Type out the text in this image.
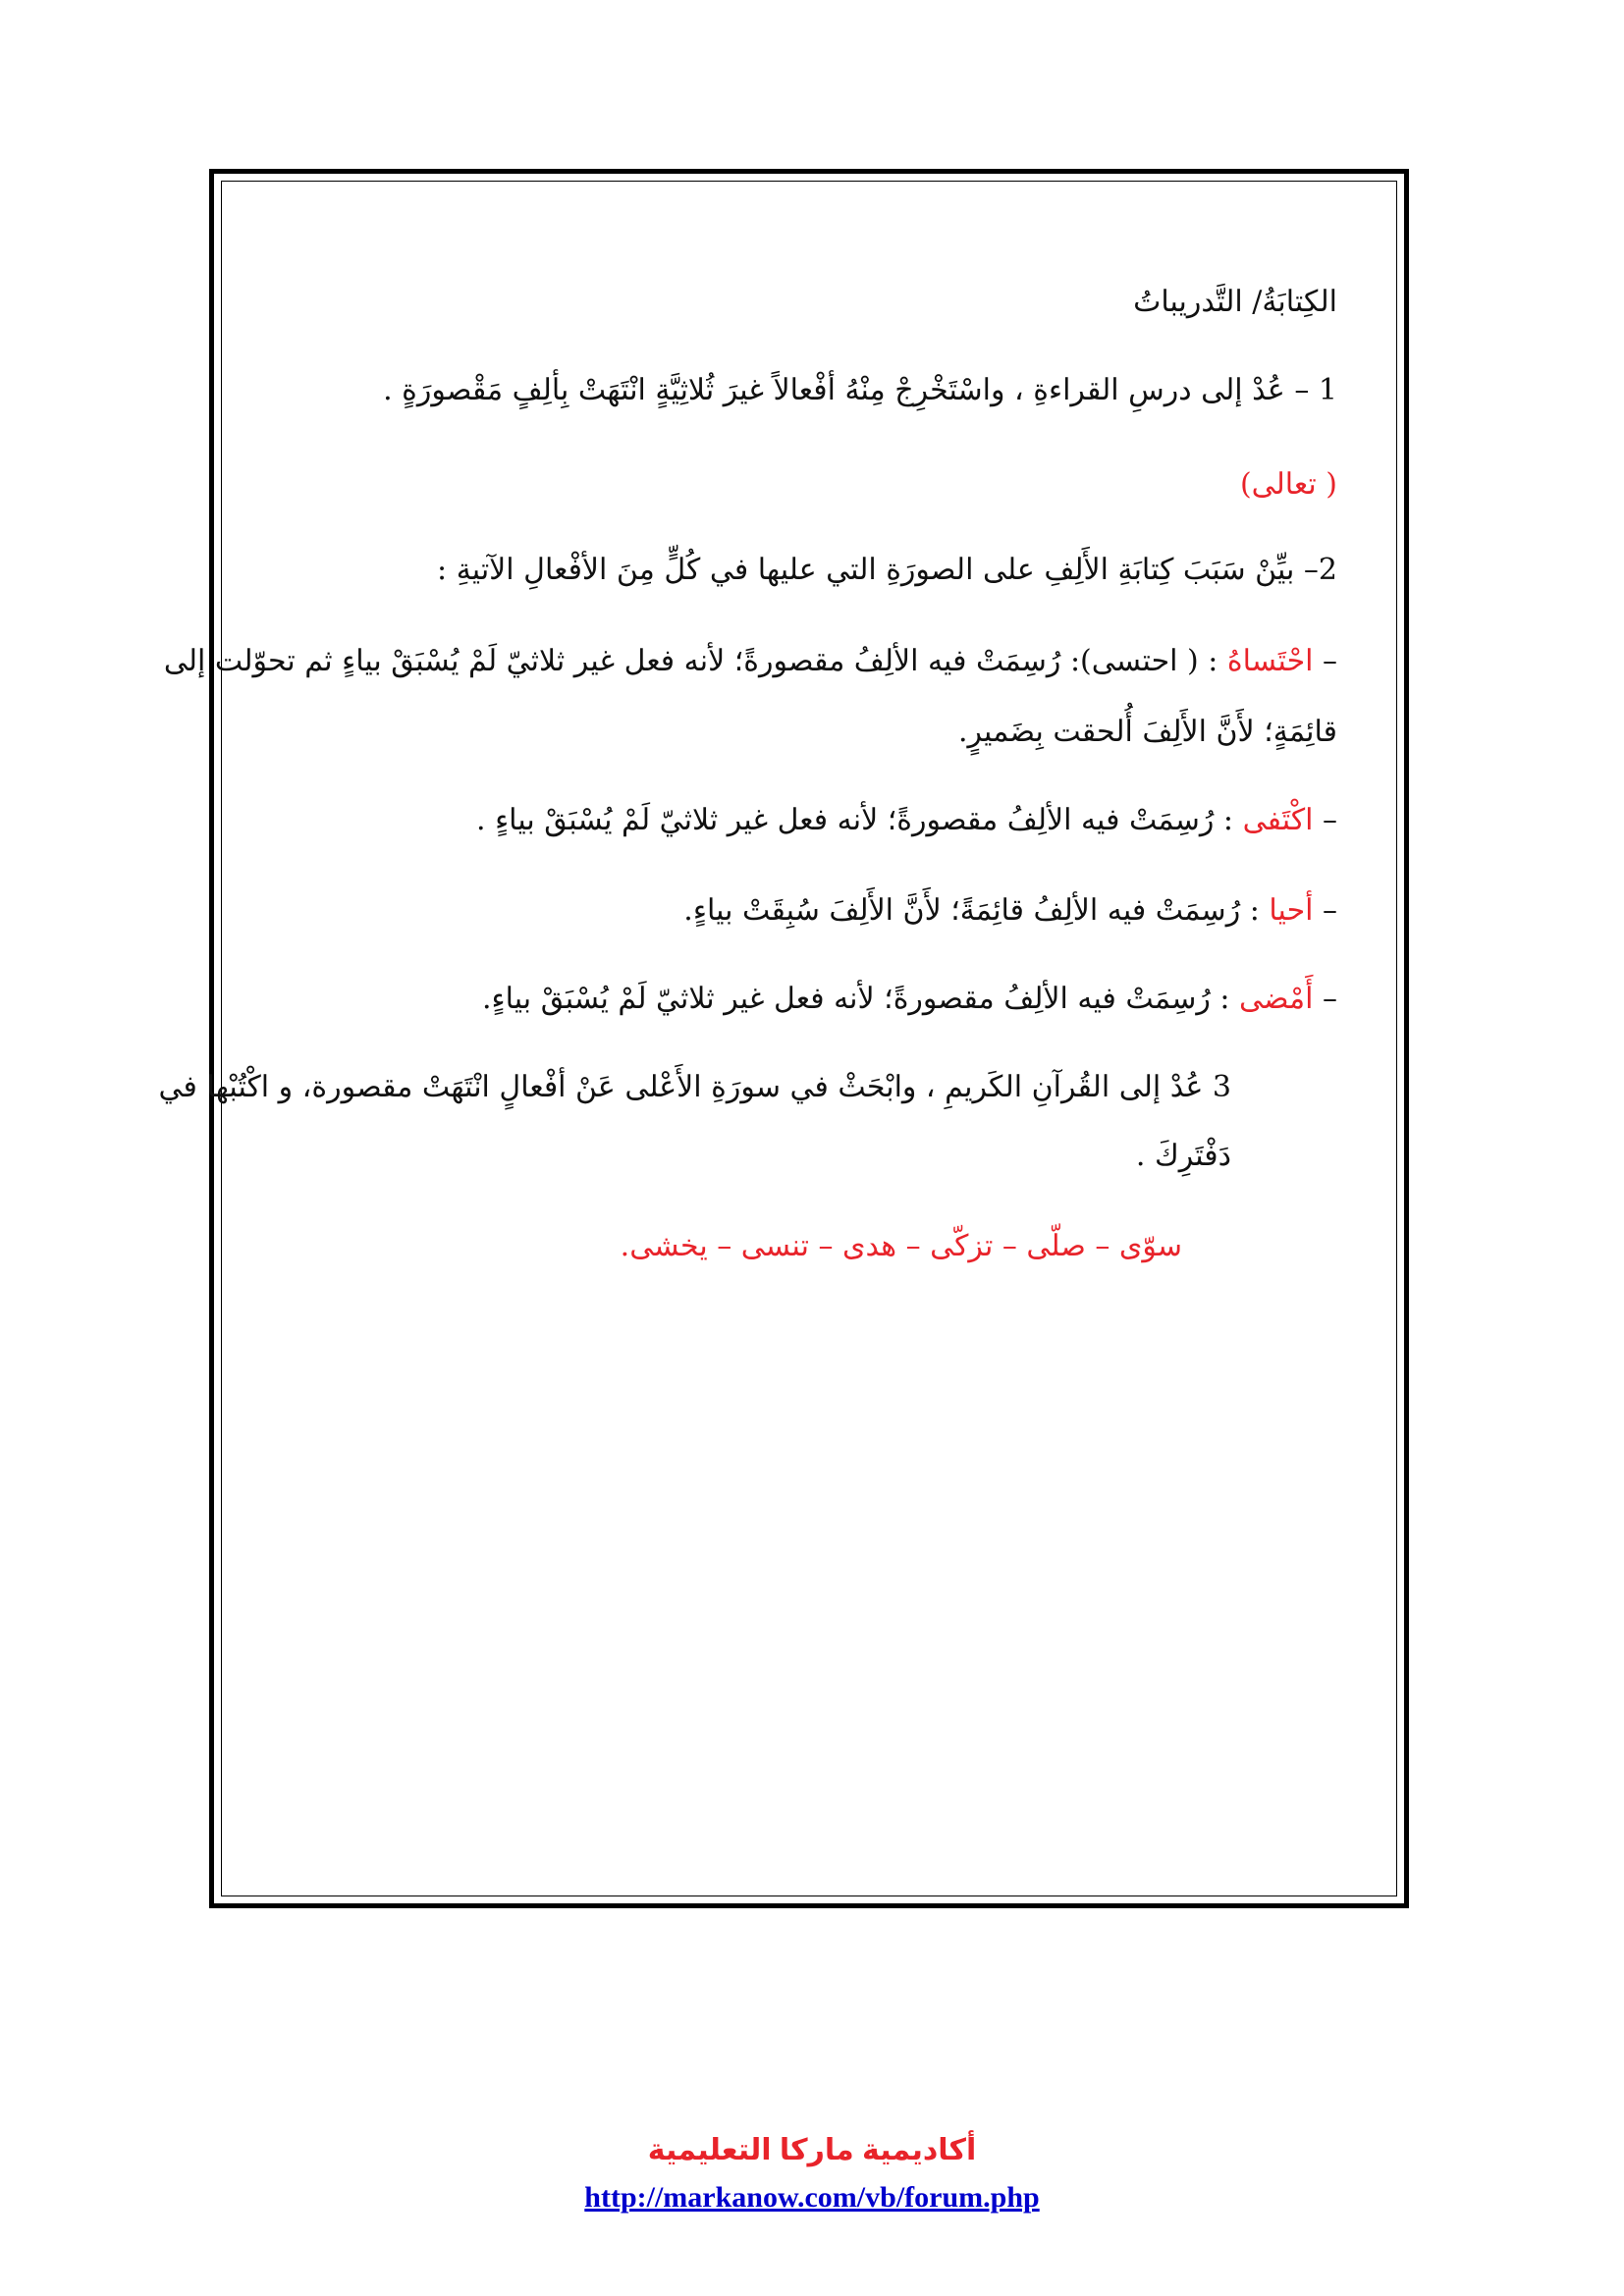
الكِتابَةُ/ التَّدريباتُ
1 – عُدْ إلى درسِ القراءةِ ، واسْتَخْرِجْ مِنْهُ أفْعالاً غيرَ ثُلاثِيَّةٍ انْتَهَتْ بِألِفٍ مَقْصورَةٍ .
( تعالى)
2– بيِّنْ سَبَبَ كِتابَةِ الأَلِفِ على الصورَةِ التي عليها في كُلٍّ مِنَ الأفْعالِ الآتيةِ :
– احْتَساهُ : ( احتسى): رُسِمَتْ فيه الألِفُ مقصورةً؛ لأنه فعل غير ثلاثيّ لَمْ يُسْبَقْ بياءٍ ثم تحوّلت إلى
قائِمَةٍ؛ لأَنَّ الأَلِفَ أُلحقت بِضَميرٍ.
– اكْتَفى : رُسِمَتْ فيه الألِفُ مقصورةً؛ لأنه فعل غير ثلاثيّ لَمْ يُسْبَقْ بياءٍ .
– أحيا : رُسِمَتْ فيه الألِفُ قائِمَةً؛ لأَنَّ الأَلِفَ سُبِقَتْ بياءٍ.
– أَمْضى : رُسِمَتْ فيه الألِفُ مقصورةً؛ لأنه فعل غير ثلاثيّ لَمْ يُسْبَقْ بياءٍ.
3 عُدْ إلى القُرآنِ الكَريمِ ، وابْحَثْ في سورَةِ الأَعْلى عَنْ أفْعالٍ انْتَهَتْ مقصورة، و اكْتُبْها في
دَفْتَرِكَ .
سوّى – صلّى – تزكّى – هدى – تنسى – يخشى.
أكاديمية ماركا التعليمية
http://markanow.com/vb/forum.php
